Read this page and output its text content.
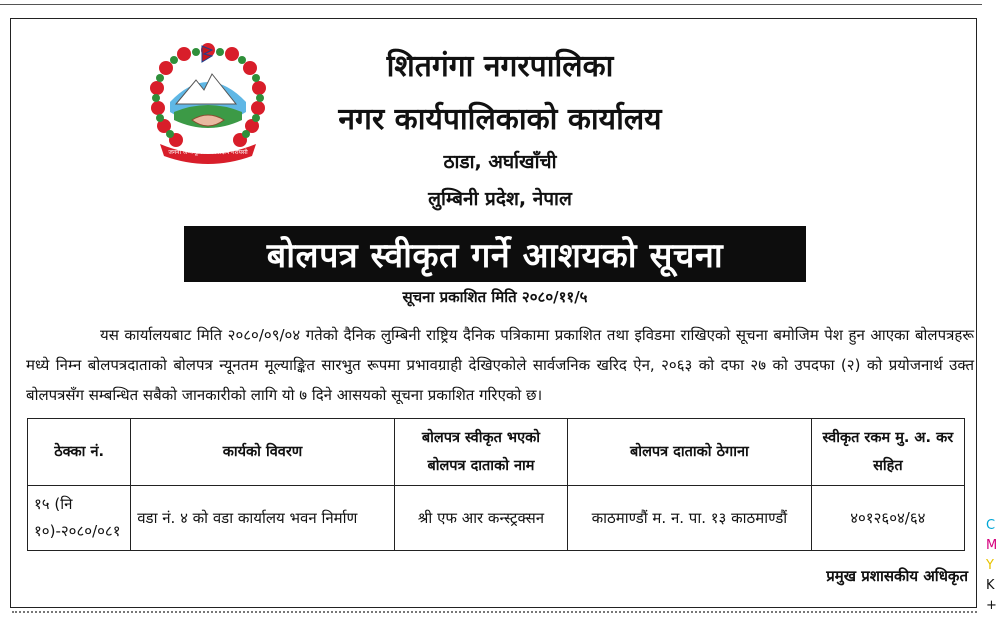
जननी जन्मभूमिश्च स्वर्गादपि गरीयसी
शितगंगा नगरपालिका
नगर कार्यपालिकाको कार्यालय
ठाडा, अर्घाखाँची
लुम्बिनी प्रदेश, नेपाल
बोलपत्र स्वीकृत गर्ने आशयको सूचना
सूचना प्रकाशित मिति २०८०/११/५
यस कार्यालयबाट मिति २०८०/०९/०४ गतेको दैनिक लुम्बिनी राष्ट्रिय दैनिक पत्रिकामा प्रकाशित तथा इविडमा राखिएको सूचना बमोजिम पेश हुन आएका बोलपत्रहरू मध्ये निम्न बोलपत्रदाताको बोलपत्र न्यूनतम मूल्याङ्कित सारभुत रूपमा प्रभावग्राही देखिएकोले सार्वजनिक खरिद ऐन, २०६३ को दफा २७ को उपदफा (२) को प्रयोजनार्थ उक्त बोलपत्रसँग सम्बन्धित सबैको जानकारीको लागि यो ७ दिने आसयको सूचना प्रकाशित गरिएको छ।
ठेक्का नं.	कार्यको विवरण	बोलपत्र स्वीकृत भएको बोलपत्र दाताको नाम	बोलपत्र दाताको ठेगाना	स्वीकृत रकम मु. अ. कर सहित
१५ (नि १०)-२०८०/०८१	वडा नं. ४ को वडा कार्यालय भवन निर्माण	श्री एफ आर कन्स्ट्रक्सन	काठमाण्डौं म. न. पा. १३ काठमाण्डौं	४०१२६०४/६४
प्रमुख प्रशासकीय अधिकृत
C
M
Y
K
+
